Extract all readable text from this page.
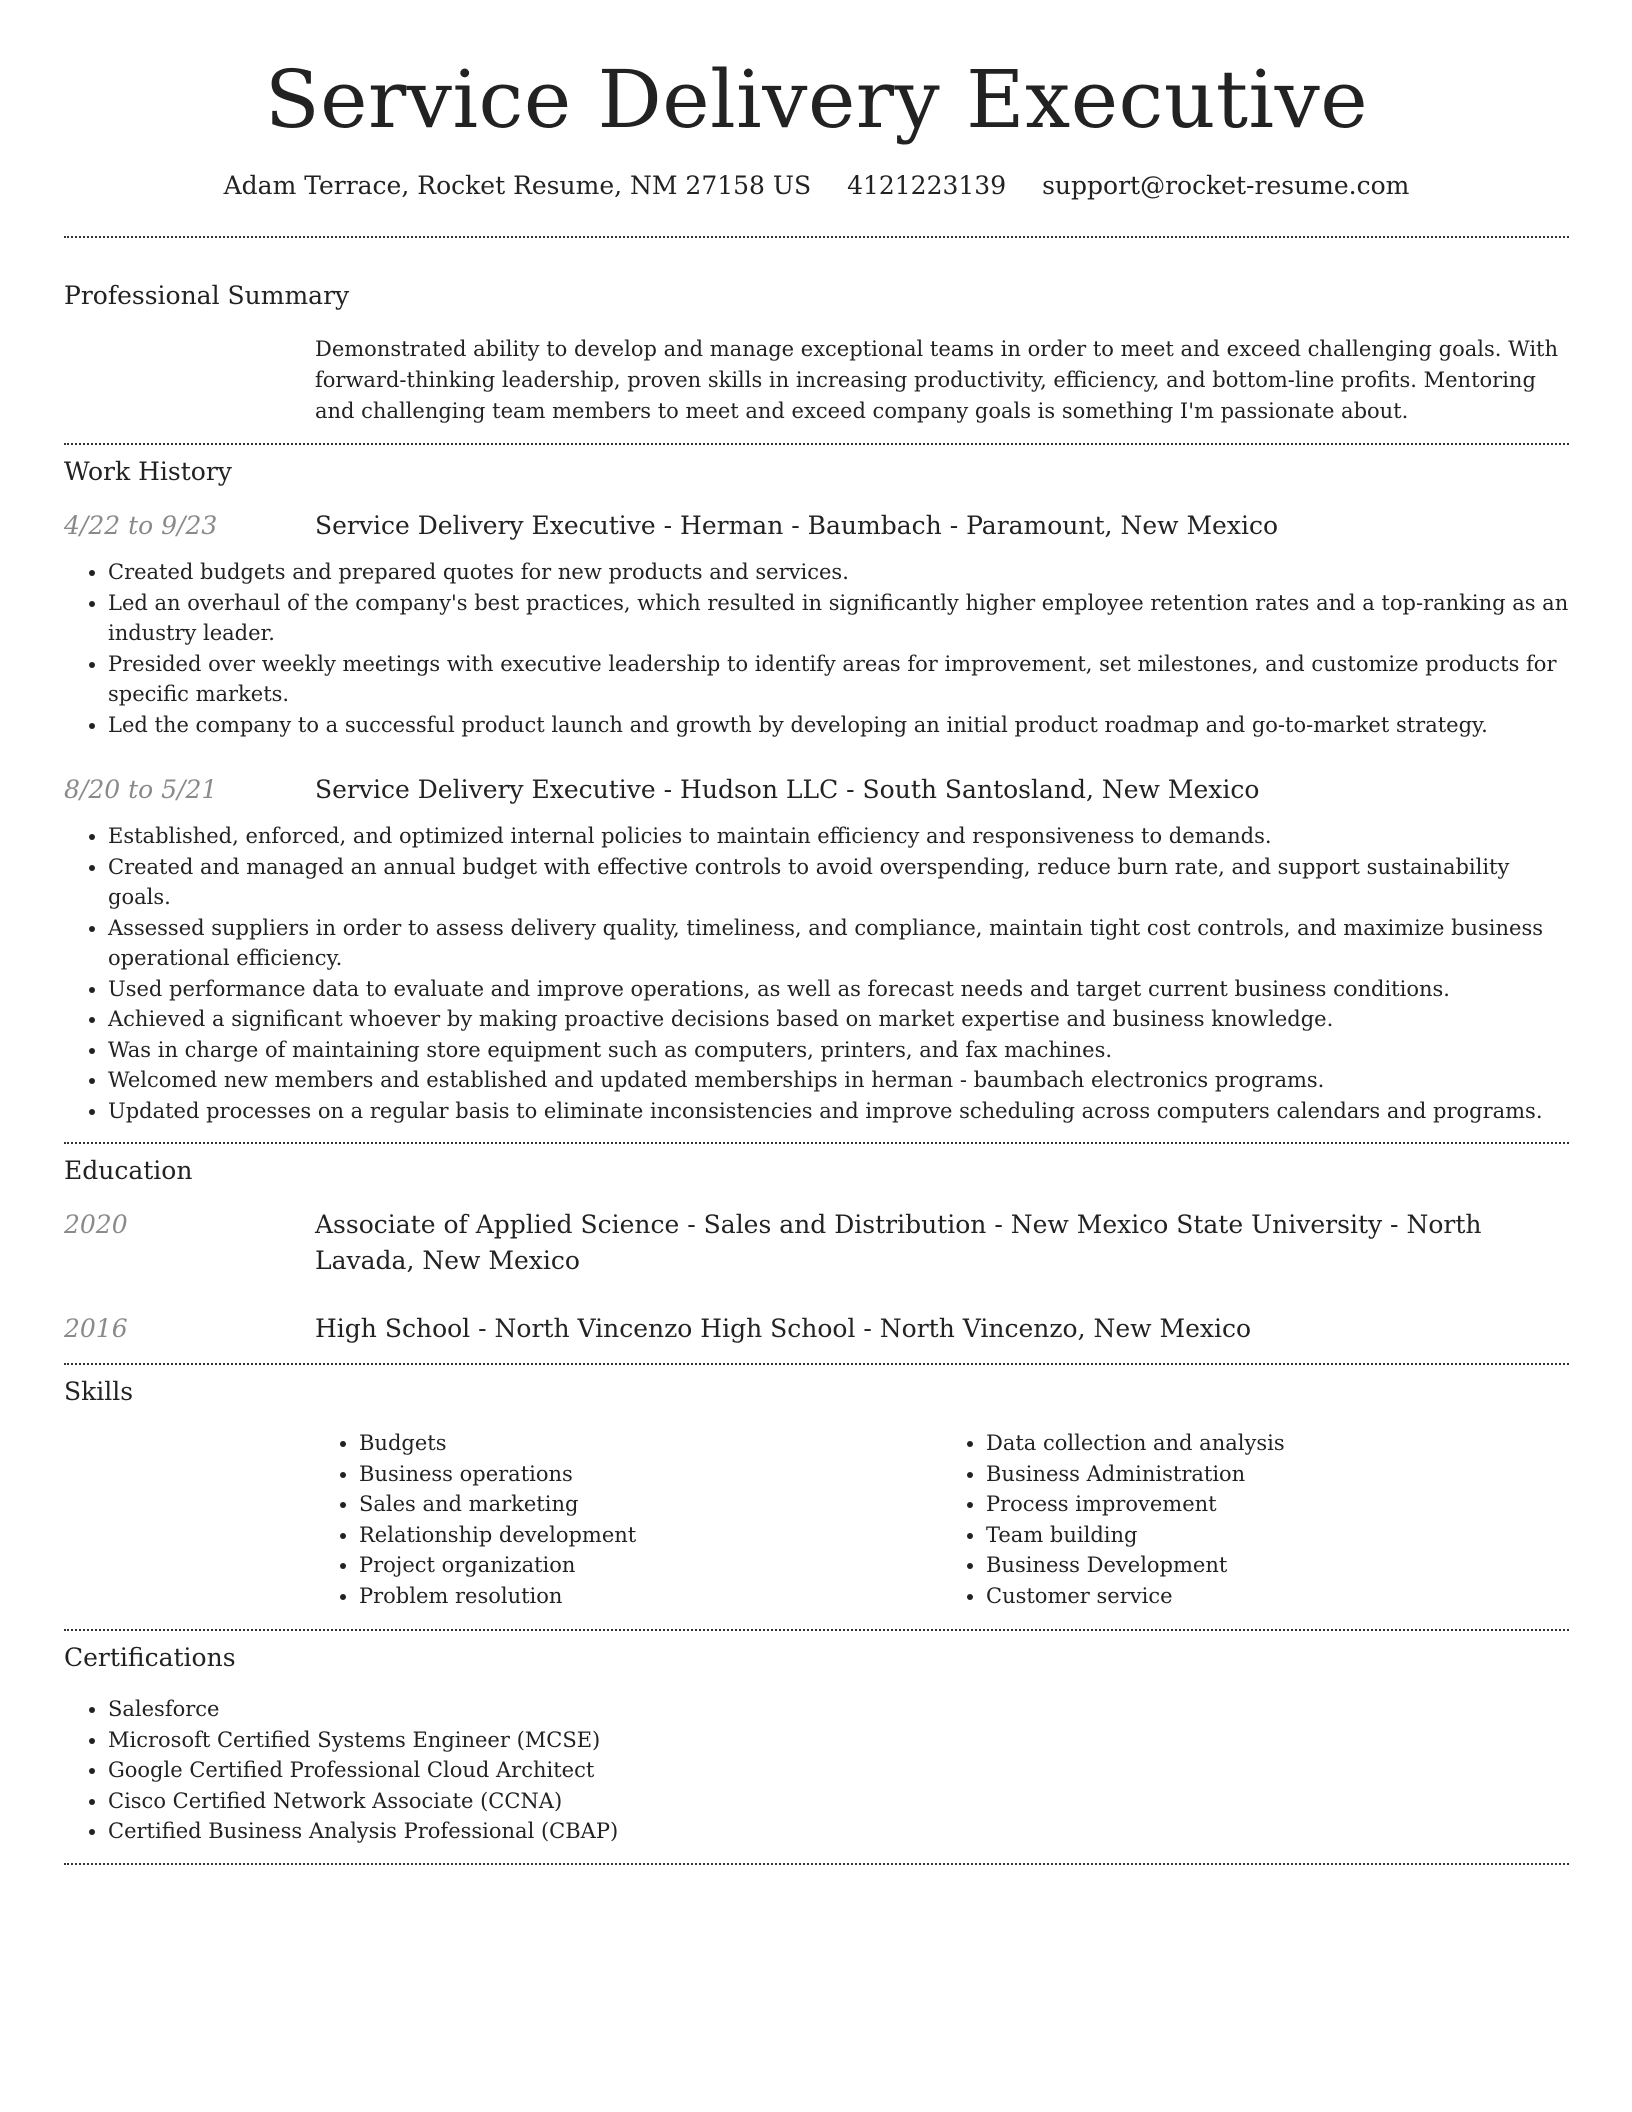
Service Delivery Executive
Adam Terrace, Rocket Resume, NM 27158 US 4121223139 support@rocket-resume.com
Professional Summary
Demonstrated ability to develop and manage exceptional teams in order to meet and exceed challenging goals. With forward-thinking leadership, proven skills in increasing productivity, efficiency, and bottom-line profits. Mentoring and challenging team members to meet and exceed company goals is something I'm passionate about.
Work History
4/22 to 9/23	Service Delivery Executive - Herman - Baumbach - Paramount, New Mexico
• Created budgets and prepared quotes for new products and services.
• Led an overhaul of the company's best practices, which resulted in significantly higher employee retention rates and a top-ranking as an industry leader.
• Presided over weekly meetings with executive leadership to identify areas for improvement, set milestones, and customize products for specific markets.
• Led the company to a successful product launch and growth by developing an initial product roadmap and go-to-market strategy.
8/20 to 5/21	Service Delivery Executive - Hudson LLC - South Santosland, New Mexico
• Established, enforced, and optimized internal policies to maintain efficiency and responsiveness to demands.
• Created and managed an annual budget with effective controls to avoid overspending, reduce burn rate, and support sustainability goals.
• Assessed suppliers in order to assess delivery quality, timeliness, and compliance, maintain tight cost controls, and maximize business operational efficiency.
• Used performance data to evaluate and improve operations, as well as forecast needs and target current business conditions.
• Achieved a significant whoever by making proactive decisions based on market expertise and business knowledge.
• Was in charge of maintaining store equipment such as computers, printers, and fax machines.
• Welcomed new members and established and updated memberships in herman - baumbach electronics programs.
• Updated processes on a regular basis to eliminate inconsistencies and improve scheduling across computers calendars and programs.
Education
2020	Associate of Applied Science - Sales and Distribution - New Mexico State University - North Lavada, New Mexico
2016	High School - North Vincenzo High School - North Vincenzo, New Mexico
Skills
• Budgets
• Business operations
• Sales and marketing
• Relationship development
• Project organization
• Problem resolution
• Data collection and analysis
• Business Administration
• Process improvement
• Team building
• Business Development
• Customer service
Certifications
• Salesforce
• Microsoft Certified Systems Engineer (MCSE)
• Google Certified Professional Cloud Architect
• Cisco Certified Network Associate (CCNA)
• Certified Business Analysis Professional (CBAP)
